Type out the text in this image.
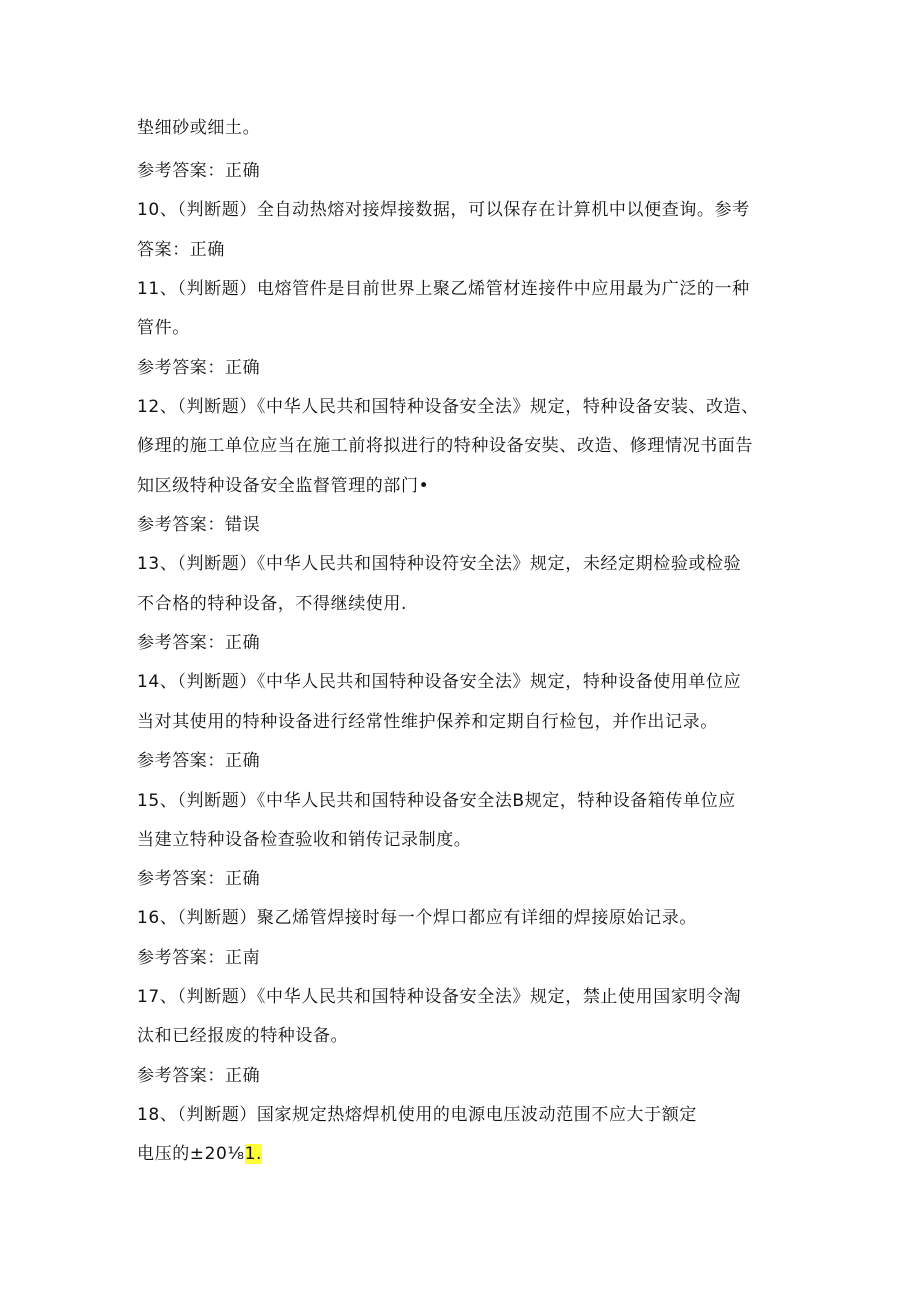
垫细砂或细土。
参考答案：正确
10、（判断题）全自动热熔对接焊接数据，可以保存在计算机中以便查询。参考
答案：正确
11、（判断题）电熔管件是目前世界上聚乙烯管材连接件中应用最为广泛的一种
管件。
参考答案：正确
12、（判断题）《中华人民共和国特种设备安全法》规定，特种设备安装、改造、
修理的施工单位应当在施工前将拟进行的特种设备安奘、改造、修理情况书面告
知区级特种设备安全监督管理的部门•
参考答案：错误
13、（判断题）《中华人民共和国特种设符安全法》规定，未经定期检验或检验
不合格的特种设备，不得继续使用.
参考答案：正确
14、（判断题）《中华人民共和国特种设备安全法》规定，特种设备使用单位应
当对其使用的特种设备进行经常性维护保养和定期自行检包，并作出记录。
参考答案：正确
15、（判断题）《中华人民共和国特种设备安全法B规定，特种设备箱传单位应
当建立特种设备检查验收和销传记录制度。
参考答案：正确
16、（判断题）聚乙烯管焊接时每一个焊口都应有详细的焊接原始记录。
参考答案：正南
17、（判断题）《中华人民共和国特种设备安全法》规定，禁止使用国家明令淘
汰和已经报废的特种设备。
参考答案：正确
18、（判断题）国家规定热熔焊机使用的电源电压波动范围不应大于额定
电压的±20⅛1.
